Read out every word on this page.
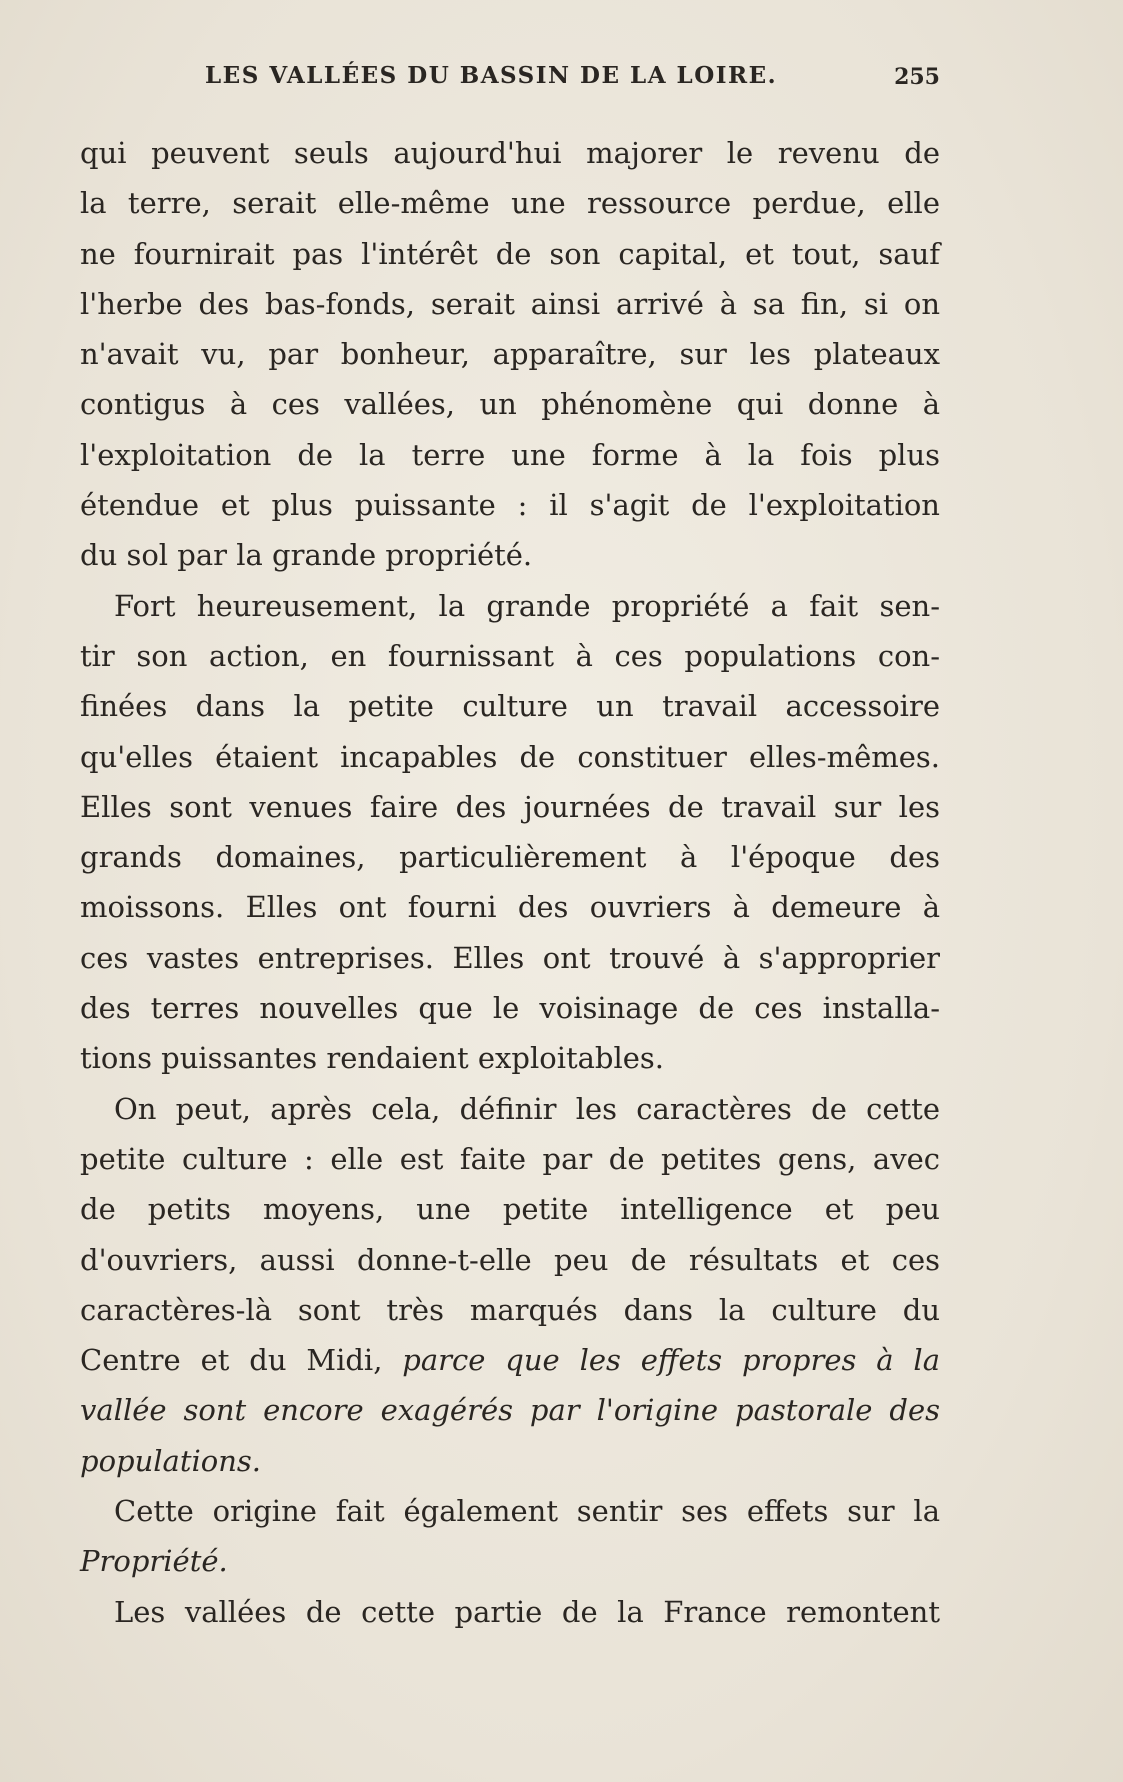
LES VALLÉES DU BASSIN DE LA LOIRE.	255
qui peuvent seuls aujourd'hui majorer le revenu de
la terre, serait elle-même une ressource perdue, elle
ne fournirait pas l'intérêt de son capital, et tout, sauf
l'herbe des bas-fonds, serait ainsi arrivé à sa fin, si on
n'avait vu, par bonheur, apparaître, sur les plateaux
contigus à ces vallées, un phénomène qui donne à
l'exploitation de la terre une forme à la fois plus
étendue et plus puissante : il s'agit de l'exploitation
du sol par la grande propriété.
Fort heureusement, la grande propriété a fait sen-
tir son action, en fournissant à ces populations con-
finées dans la petite culture un travail accessoire
qu'elles étaient incapables de constituer elles-mêmes.
Elles sont venues faire des journées de travail sur les
grands domaines, particulièrement à l'époque des
moissons. Elles ont fourni des ouvriers à demeure à
ces vastes entreprises. Elles ont trouvé à s'approprier
des terres nouvelles que le voisinage de ces installa-
tions puissantes rendaient exploitables.
On peut, après cela, définir les caractères de cette
petite culture : elle est faite par de petites gens, avec
de petits moyens, une petite intelligence et peu
d'ouvriers, aussi donne-t-elle peu de résultats et ces
caractères-là sont très marqués dans la culture du
Centre et du Midi, parce que les effets propres à la
vallée sont encore exagérés par l'origine pastorale des
populations.
Cette origine fait également sentir ses effets sur la
Propriété.
Les vallées de cette partie de la France remontent
